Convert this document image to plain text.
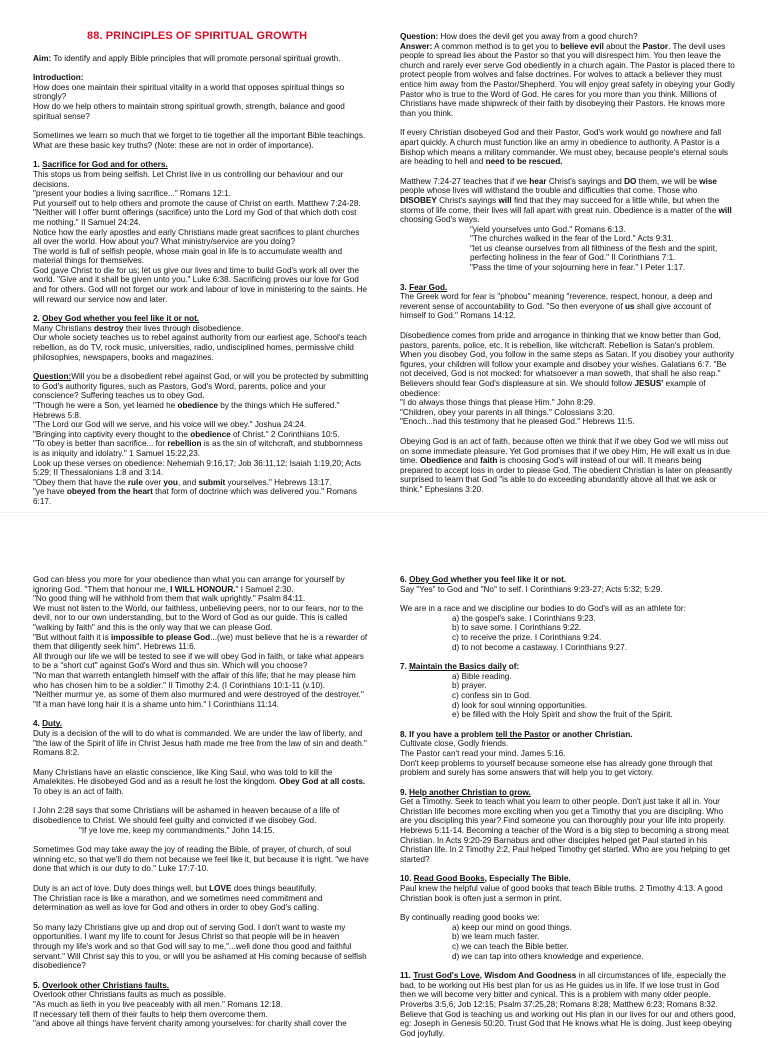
88. PRINCIPLES OF SPIRITUAL GROWTH

Aim: To identify and apply Bible principles that will promote personal spiritual growth.

Introduction:
How does one maintain their spiritual vitality in a world that opposes spiritual things so strongly?
How do we help others to maintain strong spiritual growth, strength, balance and good spiritual sense?

Sometimes we learn so much that we forget to tie together all the important Bible teachings. What are these basic key truths? (Note: these are not in order of importance).

1. Sacrifice for God and for others.
This stops us from being selfish. Let Christ live in us controlling our behaviour and our decisions.
"present your bodies a living sacrifice..." Romans 12:1.
Put yourself out to help others and promote the cause of Christ on earth. Matthew 7:24-28.
"Neither will I offer burnt offerings (sacrifice) unto the Lord my God of that which doth cost me nothing." II Samuel 24:24.
Notice how the early apostles and early Christians made great sacrifices to plant churches all over the world. How about you? What ministry/service are you doing?
The world is full of selfish people, whose main goal in life is to accumulate wealth and material things for themselves.
God gave Christ to die for us; let us give our lives and time to build God's work all over the world. "Give and it shall be given unto you." Luke 6:38. Sacrificing proves our love for God and for others. God will not forget our work and labour of love in ministering to the saints. He will reward our service now and later.
2. Obey God whether you feel like it or not.
Many Christians destroy their lives through disobedience.
Our whole society teaches us to rebel against authority from our earliest age. School's teach rebellion, as do TV, rock music, universities, radio, undisciplined homes, permissive child philosophies, newspapers, books and magazines.
Question:Will you be a disobedient rebel against God, or will you be protected by submitting to God's authority figures, such as Pastors, God's Word, parents, police and your conscience? Suffering teaches us to obey God.
"Though he were a Son, yet learned he obedience by the things which He suffered." Hebrews 5:8.
"The Lord our God will we serve, and his voice will we obey." Joshua 24:24.
"Bringing into captivity every thought to the obedience of Christ." 2 Corinthians 10:5.
"To obey is better than sacrifice... for rebellion is as the sin of witchcraft, and stubbornness is as iniquity and idolatry." 1 Samuel 15:22,23.
Look up these verses on obedience: Nehemiah 9:16,17; Job 36:11,12; Isaiah 1:19,20; Acts 5:29; II Thessalonians 1:8 and 3:14.
"Obey them that have the rule over you, and submit yourselves." Hebrews 13:17.
"ye have obeyed from the heart that form of doctrine which was delivered you." Romans 6:17.
Question: How does the devil get you away from a good church?
Answer: A common method is to get you to believe evil about the Pastor. The devil uses people to spread lies about the Pastor so that you will disrespect him. You then leave the church and rarely ever serve God obediently in a church again. The Pastor is placed there to protect people from wolves and false doctrines. For wolves to attack a believer they must entice him away from the Pastor/Shepherd. You will enjoy great safety in obeying your Godly Pastor who is true to the Word of God. He cares for you more than you think. Millions of Christians have made shipwreck of their faith by disobeying their Pastors. He knows more than you think.

If every Christian disobeyed God and their Pastor, God's work would go nowhere and fall apart quickly. A church must function like an army in obedience to authority. A Pastor is a Bishop which means a military commander. We must obey, because people's eternal souls are heading to hell and need to be rescued.

Matthew 7:24-27 teaches that if we hear Christ's sayings and DO them, we will be wise people whose lives will withstand the trouble and difficulties that come. Those who DISOBEY Christ's sayings will find that they may succeed for a little while, but when the storms of life come, their lives will fall apart with great ruin. Obedience is a matter of the will choosing God's ways.
"yield yourselves unto God." Romans 6:13.
"The churches walked in the fear of the Lord." Acts 9:31.
"let us cleanse ourselves from all filthiness of the flesh and the spirit, perfecting holiness in the fear of God." II Corinthians 7:1.
"Pass the time of your sojourning here in fear." I Peter 1:17.
3. Fear God.
The Greek word for fear is "phobou" meaning "reverence, respect, honour, a deep and reverent sense of accountability to God. "So then everyone of us shall give account of himself to God." Romans 14:12.
Disobedience comes from pride and arrogance in thinking that we know better than God, pastors, parents, police, etc. It is rebellion, like witchcraft. Rebellion is Satan's problem. When you disobey God, you follow in the same steps as Satan. If you disobey your authority figures, your children will follow your example and disobey your wishes. Galatians 6:7. "Be not deceived, God is not mocked: for whatsoever a man soweth, that shall he also reap."
Believers should fear God's displeasure at sin. We should follow JESUS' example of obedience:
"I do always those things that please Him." John 8:29.
"Children, obey your parents in all things." Colossians 3:20.
"Enoch...had this testimony that he pleased God." Hebrews 11:5.
Obeying God is an act of faith, because often we think that if we obey God we will miss out on some immediate pleasure. Yet God promises that if we obey Him, He will exalt us in due time. Obedience and faith is choosing God's will instead of our will. It means being prepared to accept loss in order to please God. The obedient Christian is later on pleasantly surprised to learn that God "is able to do exceeding abundantly above all that we ask or think." Ephesians 3:20.
God can bless you more for your obedience than what you can arrange for yourself by ignoring God. "Them that honour me, I WILL HONOUR." I Samuel 2:30.
"No good thing will he withhold from them that walk uprightly." Psalm 84:11.
We must not listen to the World, our faithless, unbelieving peers, nor to our fears, nor to the devil, nor to our own understanding, but to the Word of God as our guide. This is called "walking by faith" and this is the only way that we can please God.
"But without faith it is impossible to please God...(we) must believe that he is a rewarder of them that diligently seek him". Hebrews 11:6.
All through our life we will be tested to see if we will obey God in faith, or take what appears to be a "short cut" against God's Word and thus sin. Which will you choose?
"No man that warreth entangleth himself with the affair of this life; that he may please him who has chosen him to be a soldier." II Timothy 2:4. (I Corinthians 10:1-11 (v.10).
"Neither murmur ye, as some of them also murmured and were destroyed of the destroyer."
"If a man have long hair it is a shame unto him." I Corinthians 11:14.
4. Duty.

Duty is a decision of the will to do what is commanded. We are under the law of liberty, and "the law of the Spirit of life in Christ Jesus hath made me free from the law of sin and death." Romans 8:2.

Many Christians have an elastic conscience, like King Saul, who was told to kill the Amalekites. He disobeyed God and as a result he lost the kingdom. Obey God at all costs. To obey is an act of faith.

I John 2:28 says that some Christians will be ashamed in heaven because of a life of disobedience to Christ. We should feel guilty and convicted if we disobey God.
"If ye love me, keep my commandments." John 14:15.

Sometimes God may take away the joy of reading the Bible, of prayer, of church, of soul winning etc, so that we'll do them not because we feel like it, but because it is right. "we have done that which is our duty to do." Luke 17:7-10.

Duty is an act of love. Duty does things well, but LOVE does things beautifully.
The Christian race is like a marathon, and we sometimes need commitment and determination as well as love for God and others in order to obey God's calling.

So many lazy Christians give up and drop out of serving God. I don't want to waste my opportunities. I want my life to count for Jesus Christ so that people will be in heaven through my life's work and so that God will say to me,"...well done thou good and faithful servant." Will Christ say this to you, or will you be ashamed at His coming because of selfish disobedience?

5. Overlook other Christians faults.
Overlook other Christians faults as much as possible.
"As much as lieth in you live peaceably with all men." Romans 12:18.
If necessary tell them of their faults to help them overcome them.
"and above all things have fervent charity among yourselves: for charity shall cover the
6. Obey God whether you feel like it or not.

Say "Yes" to God and "No" to self. I Corinthians 9:23-27; Acts 5:32; 5:29.

We are in a race and we discipline our bodies to do God's will as an athlete for:
a) the gospel's sake. I Corinthians 9:23.
b) to save some. I Corinthians 9:22.
c) to receive the prize. I Corinthians 9:24.
d) to not become a castaway. I Corinthians 9:27.
7. Maintain the Basics daily of:
a) Bible reading.
b) prayer.
c) confess sin to God.
d) look for soul winning opportunities.
e) be filled with the Holy Spirit and show the fruit of the Spirit.
8. If you have a problem tell the Pastor or another Christian.
Cultivate close, Godly friends.
The Pastor can't read your mind. James 5:16.
Don't keep problems to yourself because someone else has already gone through that problem and surely has some answers that will help you to get victory.
9. Help another Christian to grow.
Get a Timothy. Seek to teach what you learn to other people. Don't just take it all in. Your Christian life becomes more exciting when you get a Timothy that you are discipling. Who are you discipling this year? Find someone you can thoroughly pour your life into properly. Hebrews 5:11-14. Becoming a teacher of the Word is a big step to becoming a strong meat Christian. In Acts 9:20-29 Barnabus and other disciples helped get Paul started in his Christian life. In 2 Timothy 2:2, Paul helped Timothy get started. Who are you helping to get started?
10. Read Good Books, Especially The Bible.

Paul knew the helpful value of good books that teach Bible truths. 2 Timothy 4:13. A good Christian book is often just a sermon in print.

By continually reading good books we:
a) keep our mind on good things.
b) we learn much faster.
c) we can teach the Bible better.
d) we can tap into others knowledge and experience.
11. Trust God's Love, Wisdom And Goodness in all circumstances of life, especially the bad, to be working out His best plan for us as He guides us in life. If we lose trust in God then we will become very bitter and cynical. This is a problem with many older people. Proverbs 3:5,6; Job 12:15; Psalm 37:25,28; Romans 8:28; Matthew 6:23; Romans 8:32. Believe that God is teaching us and working out His plan in our lives for our and others good, eg: Joseph in Genesis 50:20. Trust God that He knows what He is doing. Just keep obeying God joyfully.
